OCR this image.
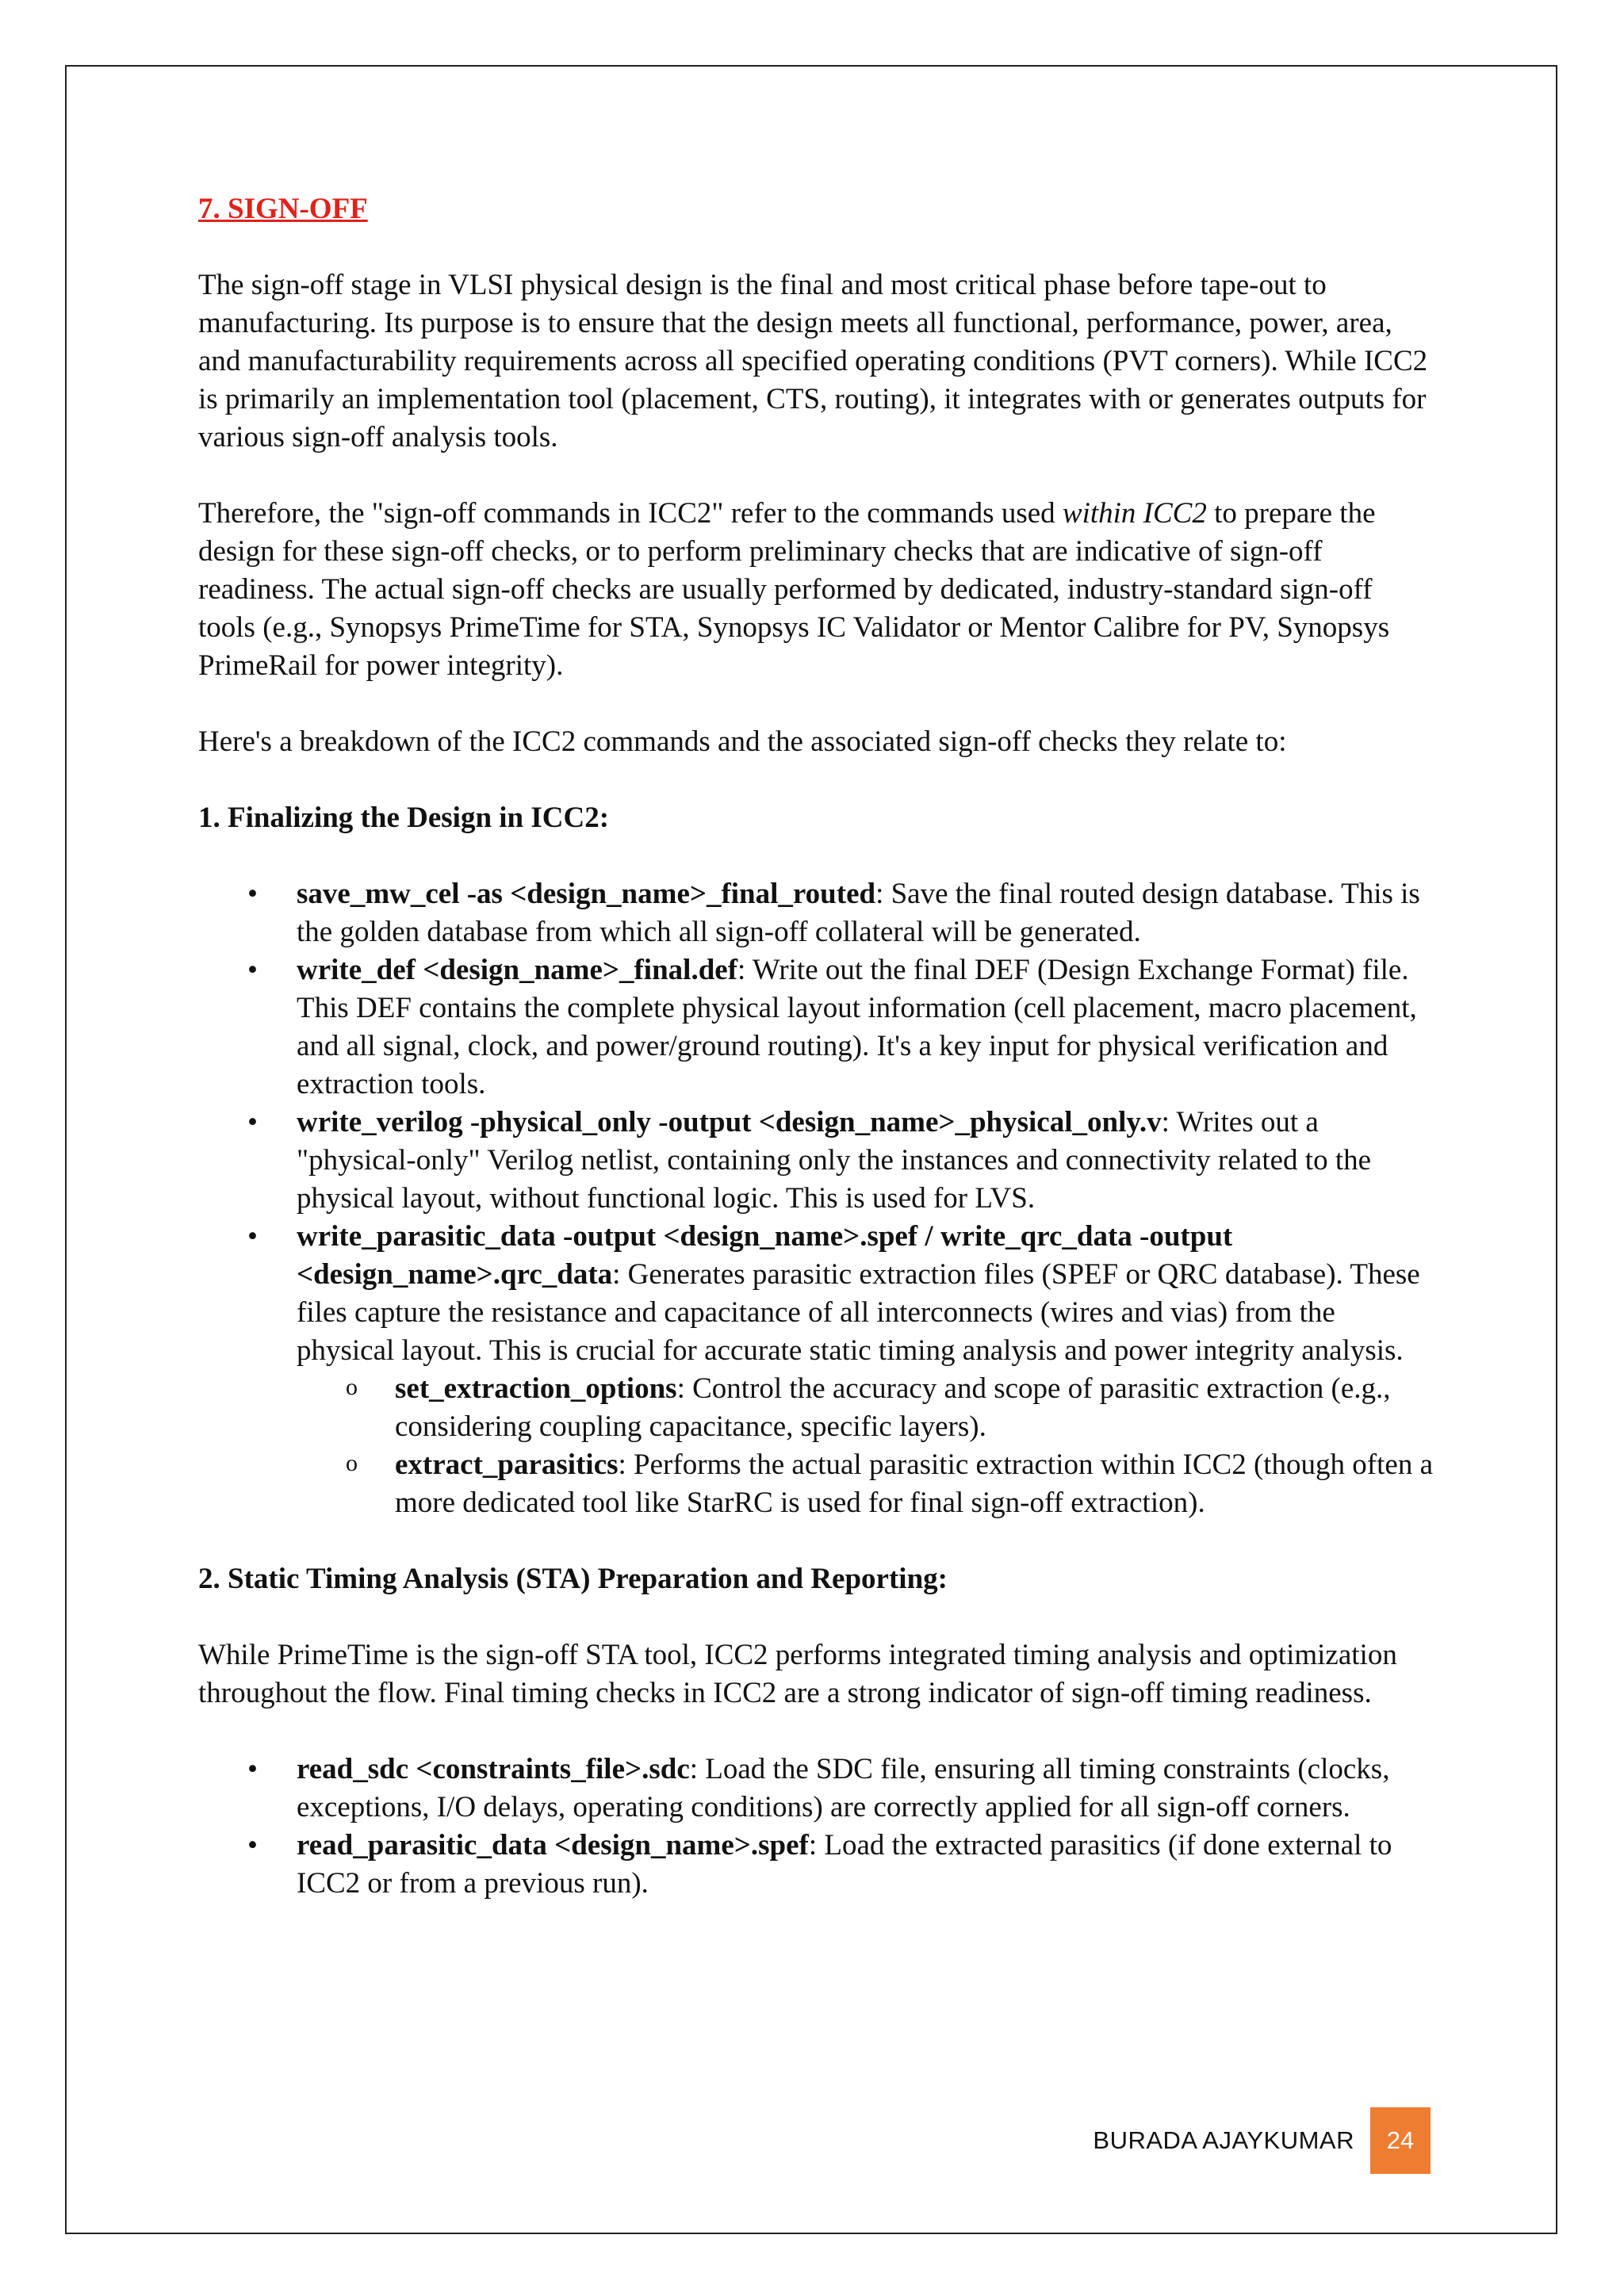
7. SIGN-OFF

The sign-off stage in VLSI physical design is the final and most critical phase before tape-out to manufacturing. Its purpose is to ensure that the design meets all functional, performance, power, area, and manufacturability requirements across all specified operating conditions (PVT corners). While ICC2 is primarily an implementation tool (placement, CTS, routing), it integrates with or generates outputs for various sign-off analysis tools.

Therefore, the "sign-off commands in ICC2" refer to the commands used within ICC2 to prepare the design for these sign-off checks, or to perform preliminary checks that are indicative of sign-off readiness. The actual sign-off checks are usually performed by dedicated, industry-standard sign-off tools (e.g., Synopsys PrimeTime for STA, Synopsys IC Validator or Mentor Calibre for PV, Synopsys PrimeRail for power integrity).

Here's a breakdown of the ICC2 commands and the associated sign-off checks they relate to:

1. Finalizing the Design in ICC2:
• save_mw_cel -as <design_name>_final_routed: Save the final routed design database. This is the golden database from which all sign-off collateral will be generated.
• write_def <design_name>_final.def: Write out the final DEF (Design Exchange Format) file. This DEF contains the complete physical layout information (cell placement, macro placement, and all signal, clock, and power/ground routing). It's a key input for physical verification and extraction tools.
• write_verilog -physical_only -output <design_name>_physical_only.v: Writes out a "physical-only" Verilog netlist, containing only the instances and connectivity related to the physical layout, without functional logic. This is used for LVS.
• write_parasitic_data -output <design_name>.spef / write_qrc_data -output <design_name>.qrc_data: Generates parasitic extraction files (SPEF or QRC database). These files capture the resistance and capacitance of all interconnects (wires and vias) from the physical layout. This is crucial for accurate static timing analysis and power integrity analysis.
o set_extraction_options: Control the accuracy and scope of parasitic extraction (e.g., considering coupling capacitance, specific layers).
o extract_parasitics: Performs the actual parasitic extraction within ICC2 (though often a more dedicated tool like StarRC is used for final sign-off extraction).
2. Static Timing Analysis (STA) Preparation and Reporting:

While PrimeTime is the sign-off STA tool, ICC2 performs integrated timing analysis and optimization throughout the flow. Final timing checks in ICC2 are a strong indicator of sign-off timing readiness.

• read_sdc <constraints_file>.sdc: Load the SDC file, ensuring all timing constraints (clocks, exceptions, I/O delays, operating conditions) are correctly applied for all sign-off corners.
• read_parasitic_data <design_name>.spef: Load the extracted parasitics (if done external to ICC2 or from a previous run).
BURADA AJAYKUMAR	24
